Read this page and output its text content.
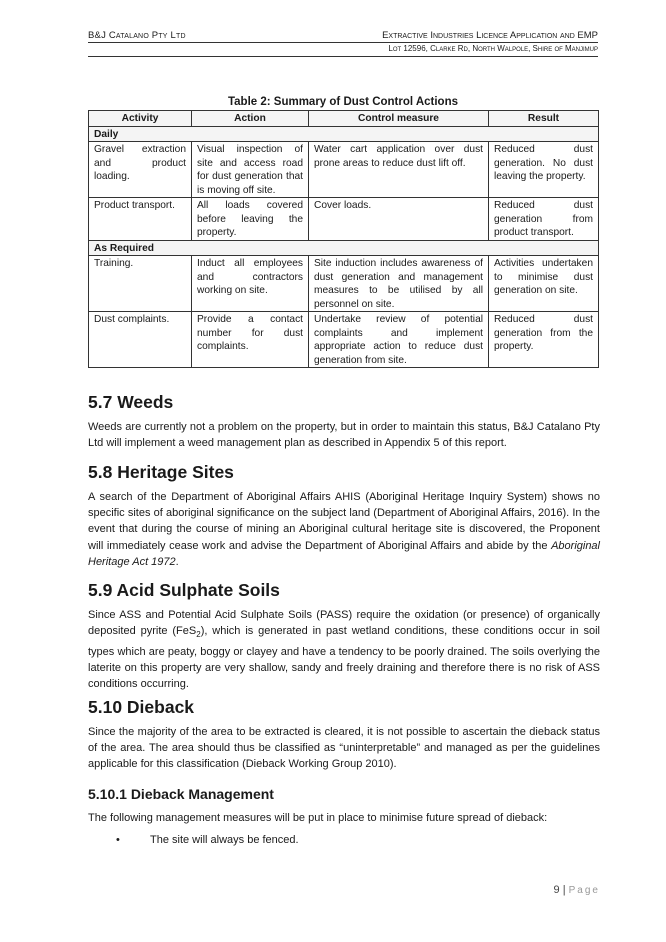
B&J Catalano Pty Ltd	Extractive Industries Licence Application and EMP
Lot 12596, Clarke Rd, North Walpole, Shire of Manjimup
Table 2: Summary of Dust Control Actions
Activity	Action	Control measure	Result
Daily			
Gravel extraction and product loading.	Visual inspection of site and access road for dust generation that is moving off site.	Water cart application over dust prone areas to reduce dust lift off.	Reduced dust generation. No dust leaving the property.
Product transport.	All loads covered before leaving the property.	Cover loads.	Reduced dust generation from product transport.
As Required			
Training.	Induct all employees and contractors working on site.	Site induction includes awareness of dust generation and management measures to be utilised by all personnel on site.	Activities undertaken to minimise dust generation on site.
Dust complaints.	Provide a contact number for dust complaints.	Undertake review of potential complaints and implement appropriate action to reduce dust generation from site.	Reduced dust generation from the property.
5.7 Weeds

Weeds are currently not a problem on the property, but in order to maintain this status, B&J Catalano Pty Ltd will implement a weed management plan as described in Appendix 5 of this report.

5.8 Heritage Sites

A search of the Department of Aboriginal Affairs AHIS (Aboriginal Heritage Inquiry System) shows no specific sites of aboriginal significance on the subject land (Department of Aboriginal Affairs, 2016). In the event that during the course of mining an Aboriginal cultural heritage site is discovered, the Proponent will immediately cease work and advise the Department of Aboriginal Affairs and abide by the Aboriginal Heritage Act 1972.

5.9 Acid Sulphate Soils

Since ASS and Potential Acid Sulphate Soils (PASS) require the oxidation (or presence) of organically deposited pyrite (FeS$_2$), which is generated in past wetland conditions, these conditions occur in soil types which are peaty, boggy or clayey and have a tendency to be poorly drained. The soils overlying the laterite on this property are very shallow, sandy and freely draining and therefore there is no risk of ASS conditions occurring.

5.10 Dieback

Since the majority of the area to be extracted is cleared, it is not possible to ascertain the dieback status of the area. The area should thus be classified as “uninterpretable” and managed as per the guidelines applicable for this classification (Dieback Working Group 2010).

5.10.1 Dieback Management

The following management measures will be put in place to minimise future spread of dieback:

•	The site will always be fenced.
9 | Page
